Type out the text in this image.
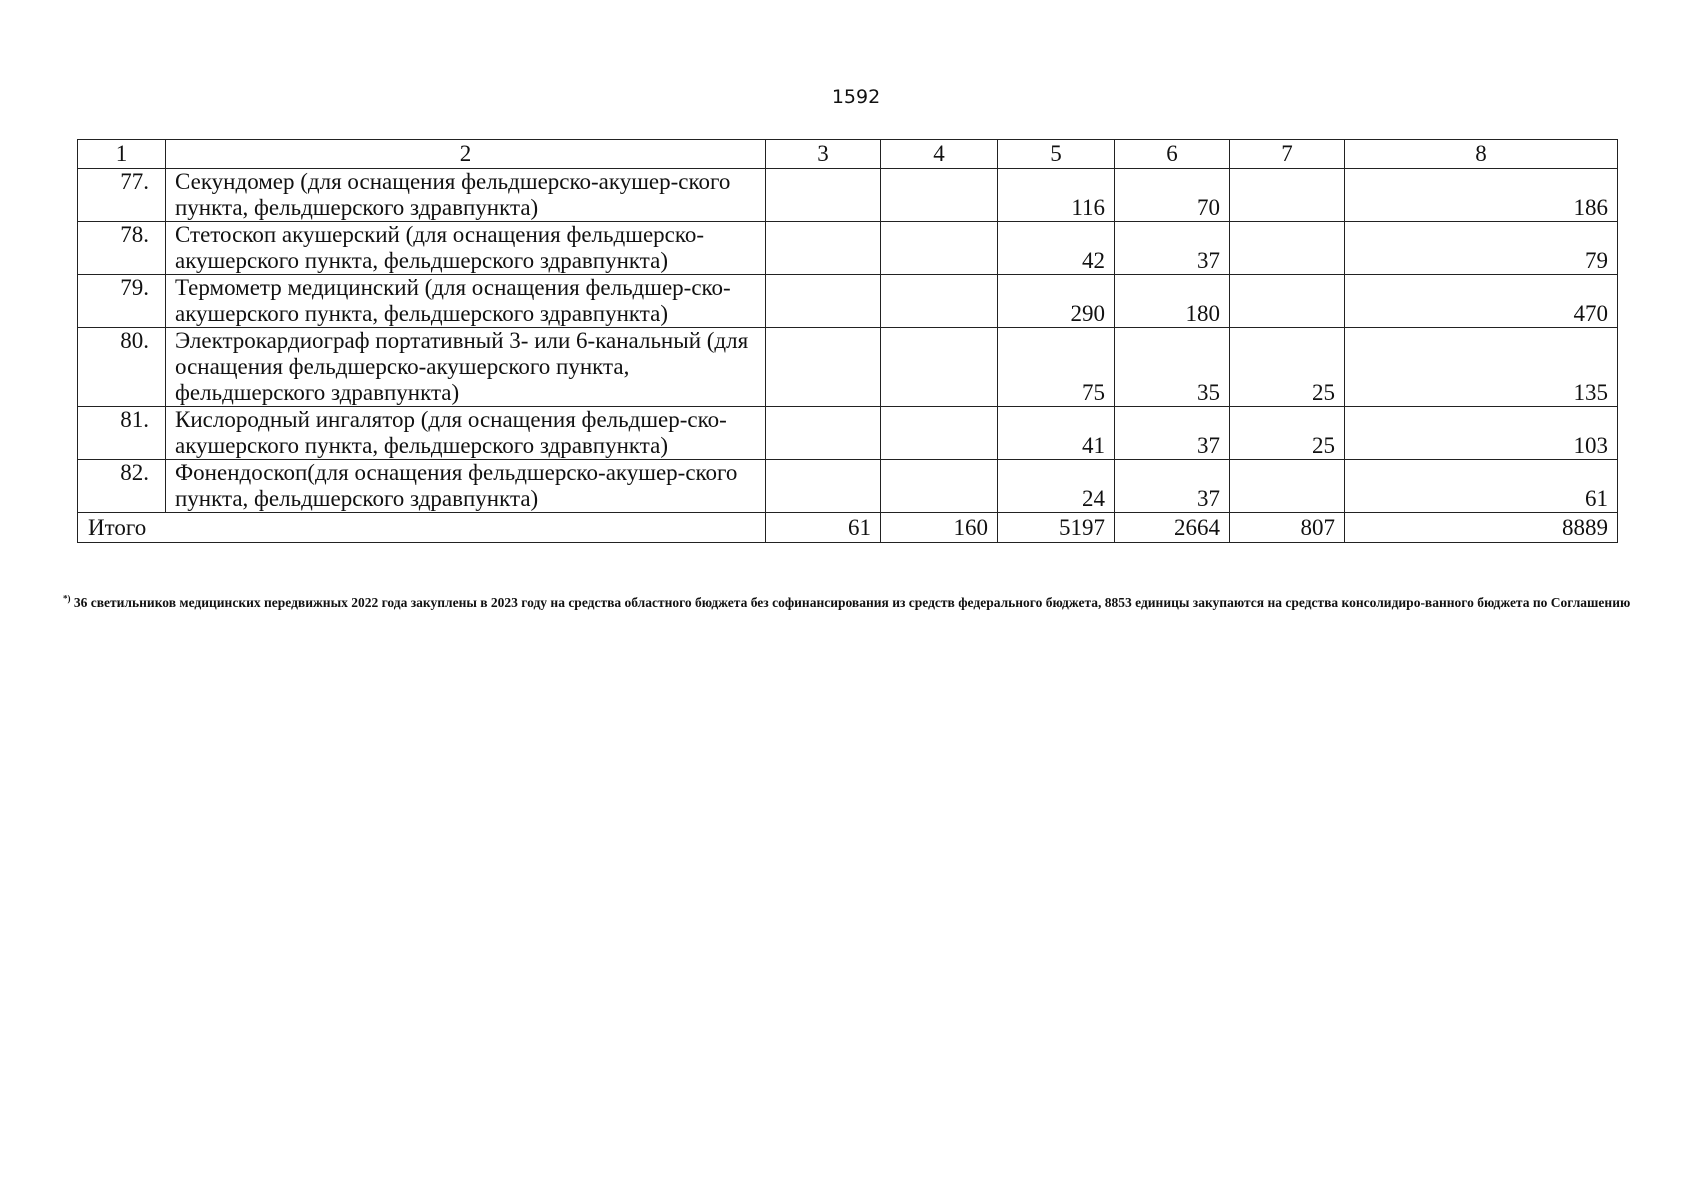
1592
1	2	3	4	5	6	7	8
77.	Секундомер (для оснащения фельдшерско-акушер-ского пункта, фельдшерского здравпункта)			116	70		186
78.	Стетоскоп акушерский (для оснащения фельдшерско-акушерского пункта, фельдшерского здравпункта)			42	37		79
79.	Термометр медицинский (для оснащения фельдшер-ско-акушерского пункта, фельдшерского здравпункта)			290	180		470
80.	Электрокардиограф портативный 3- или 6-канальный (для оснащения фельдшерско-акушерского пункта, фельдшерского здравпункта)			75	35	25	135
81.	Кислородный ингалятор (для оснащения фельдшер-ско-акушерского пункта, фельдшерского здравпункта)			41	37	25	103
82.	Фонендоскоп(для оснащения фельдшерско-акушер-ского пункта, фельдшерского здравпункта)			24	37		61
Итого		61	160	5197	2664	807	8889
*) 36 светильников медицинских передвижных 2022 года закуплены в 2023 году на средства областного бюджета без софинансирования из средств федерального бюджета, 8853 единицы закупаются на средства консолидиро-ванного бюджета по Соглашению
